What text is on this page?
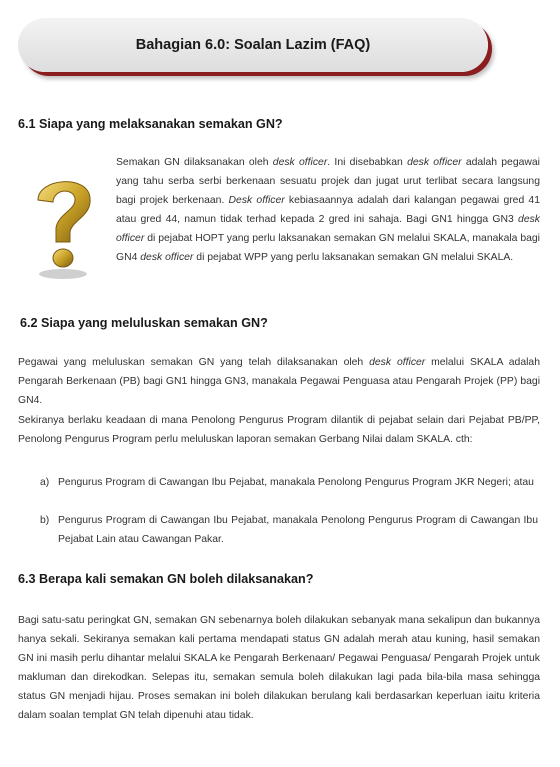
Bahagian 6.0: Soalan Lazim (FAQ)
6.1 Siapa yang melaksanakan semakan GN?

Semakan GN dilaksanakan oleh desk officer. Ini disebabkan desk officer adalah pegawai yang tahu serba serbi berkenaan sesuatu projek dan jugat urut terlibat secara langsung bagi projek berkenaan. Desk officer kebiasaannya adalah dari kalangan pegawai gred 41 atau gred 44, namun tidak terhad kepada 2 gred ini sahaja. Bagi GN1 hingga GN3 desk officer di pejabat HOPT yang perlu laksanakan semakan GN melalui SKALA, manakala bagi GN4 desk officer di pejabat WPP yang perlu laksanakan semakan GN melalui SKALA.

6.2 Siapa yang meluluskan semakan GN?

Pegawai yang meluluskan semakan GN yang telah dilaksanakan oleh desk officer melalui SKALA adalah Pengarah Berkenaan (PB) bagi GN1 hingga GN3, manakala Pegawai Penguasa atau Pengarah Projek (PP) bagi GN4.

Sekiranya berlaku keadaan di mana Penolong Pengurus Program dilantik di pejabat selain dari Pejabat PB/PP, Penolong Pengurus Program perlu meluluskan laporan semakan Gerbang Nilai dalam SKALA. cth:

a) Pengurus Program di Cawangan Ibu Pejabat, manakala Penolong Pengurus Program JKR Negeri; atau
b) Pengurus Program di Cawangan Ibu Pejabat, manakala Penolong Pengurus Program di Cawangan Ibu Pejabat Lain atau Cawangan Pakar.
6.3 Berapa kali semakan GN boleh dilaksanakan?

Bagi satu-satu peringkat GN, semakan GN sebenarnya boleh dilakukan sebanyak mana sekalipun dan bukannya hanya sekali. Sekiranya semakan kali pertama mendapati status GN adalah merah atau kuning, hasil semakan GN ini masih perlu dihantar melalui SKALA ke Pengarah Berkenaan/ Pegawai Penguasa/ Pengarah Projek untuk makluman dan direkodkan. Selepas itu, semakan semula boleh dilakukan lagi pada bila-bila masa sehingga status GN menjadi hijau. Proses semakan ini boleh dilakukan berulang kali berdasarkan keperluan iaitu kriteria dalam soalan templat GN telah dipenuhi atau tidak.
